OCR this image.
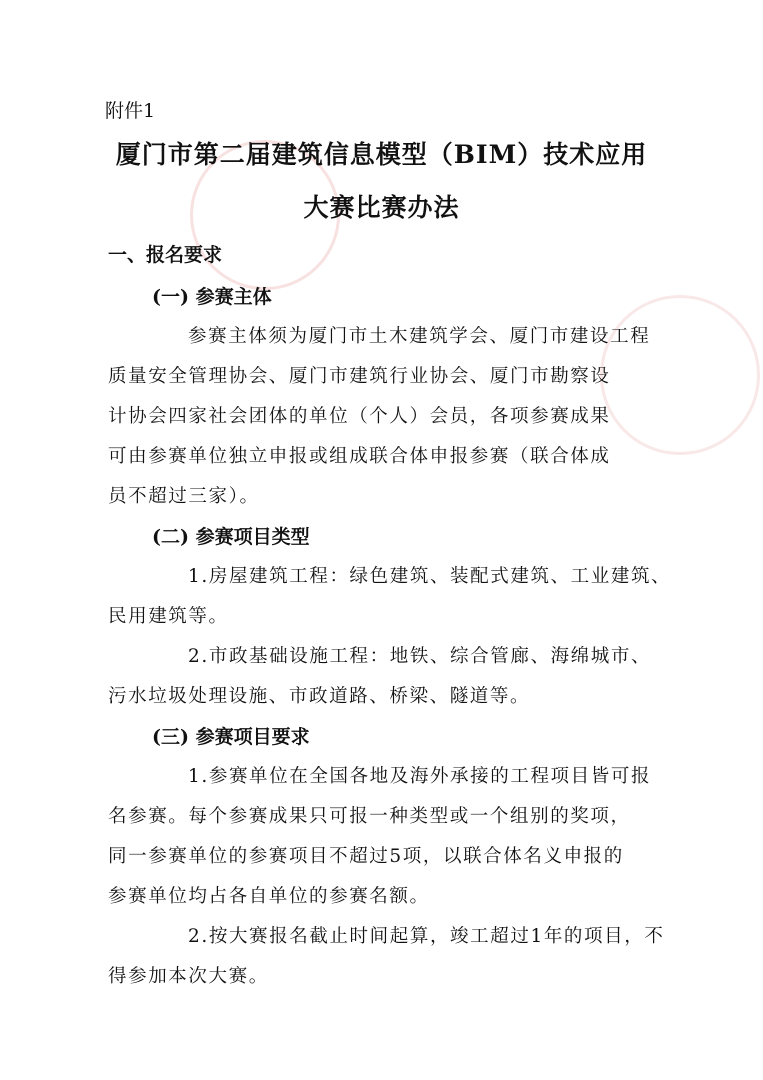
附件1
厦门市第二届建筑信息模型（BIM）技术应用
大赛比赛办法
一、报名要求
(一) 参赛主体
参赛主体须为厦门市土木建筑学会、厦门市建设工程
质量安全管理协会、厦门市建筑行业协会、厦门市勘察设
计协会四家社会团体的单位（个人）会员，各项参赛成果
可由参赛单位独立申报或组成联合体申报参赛（联合体成
员不超过三家）。
(二) 参赛项目类型
1.房屋建筑工程：绿色建筑、装配式建筑、工业建筑、
民用建筑等。
2.市政基础设施工程：地铁、综合管廊、海绵城市、
污水垃圾处理设施、市政道路、桥梁、隧道等。
(三) 参赛项目要求
1.参赛单位在全国各地及海外承接的工程项目皆可报
名参赛。每个参赛成果只可报一种类型或一个组别的奖项，
同一参赛单位的参赛项目不超过5项，以联合体名义申报的
参赛单位均占各自单位的参赛名额。
2.按大赛报名截止时间起算，竣工超过1年的项目，不
得参加本次大赛。
